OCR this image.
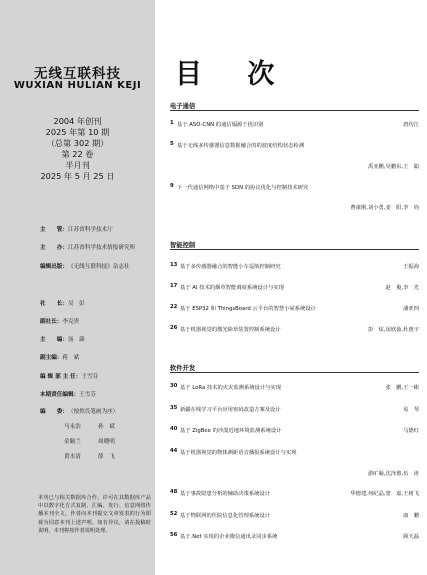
无线互联科技
WUXIAN HULIAN KEJI
2004 年创刊
2025 年第 10 期
（总第 302 期）
第 22 卷
半月刊
2025 年 5 月 25 日
主　　管：江苏省科学技术厅
主　　办：江苏省科学技术情报研究所
编辑出版：《无线互联科技》杂志社
社　　长：吴　彭
副社长：李克贵
主　　编：汤　蕻
副主编：蒋　斌
编 辑 部 主 任：王雪芬
本期责任编辑：王雪芬
编　　委： （按姓氏笔画为序）
马永浩	孙　斌
金颖兰	周晓明
黄水清	薛　飞
本刊已与相关数据库合作，许可在其数据库产品中以数字化方式复制、汇编、发行、信息网络传播本刊全文。作者向本刊提交文章发表的行为即视为同意本刊上述声明。如有异议，请在投稿时说明，本刊将按作者说明处理。
目 次
电子通信
1 基于 ASO-CNN 的通信辐源干扰识别	唐均江
5 基于无线多传感器信息数据融合的的波度结构状态检测
禹亚鹏,吴鹏东,王　聪
9 下一代通信网络中基于 SDN 的协议优化与控制技术研究
曹康刚,刘小勇,姜　阳,李　钧
智能控制
13 基于多传感器融合的智能小车巡航控制研究	王振海
17 基于 AI 技术的烟草智能调度系统设计与实现	赵　俊,李　光
22 基于 ESP32 和 ThingsBoard 云平台的智慧小屋系统设计	潘亚四
26 基于机器视觉的激光除草装置控制系统设计	彭　炫,闵欣茹,杜惠宇
软件开发
30 基于 LoRa 技术的火灾监测系统设计与实现	张　鹏,王一彬
35 新疆在线学习平台应用密码改造方案及设计	易　琴
40 基于 ZigBee 的沙漠近地环境监测系统设计	马德红
44 基于机器视觉的物体测距语音播报系统设计与实现
游旷凝,沈泽愈,伍　涛
48 基于事故隐患分析的辅助决策系统设计	华德建,何纪晶,窦　嘉,王树飞
52 基于物联网的医院信息化管理系统设计	康　鹏
56 基于.Net 实现的企业微信通讯录同步系统	顾天磊
